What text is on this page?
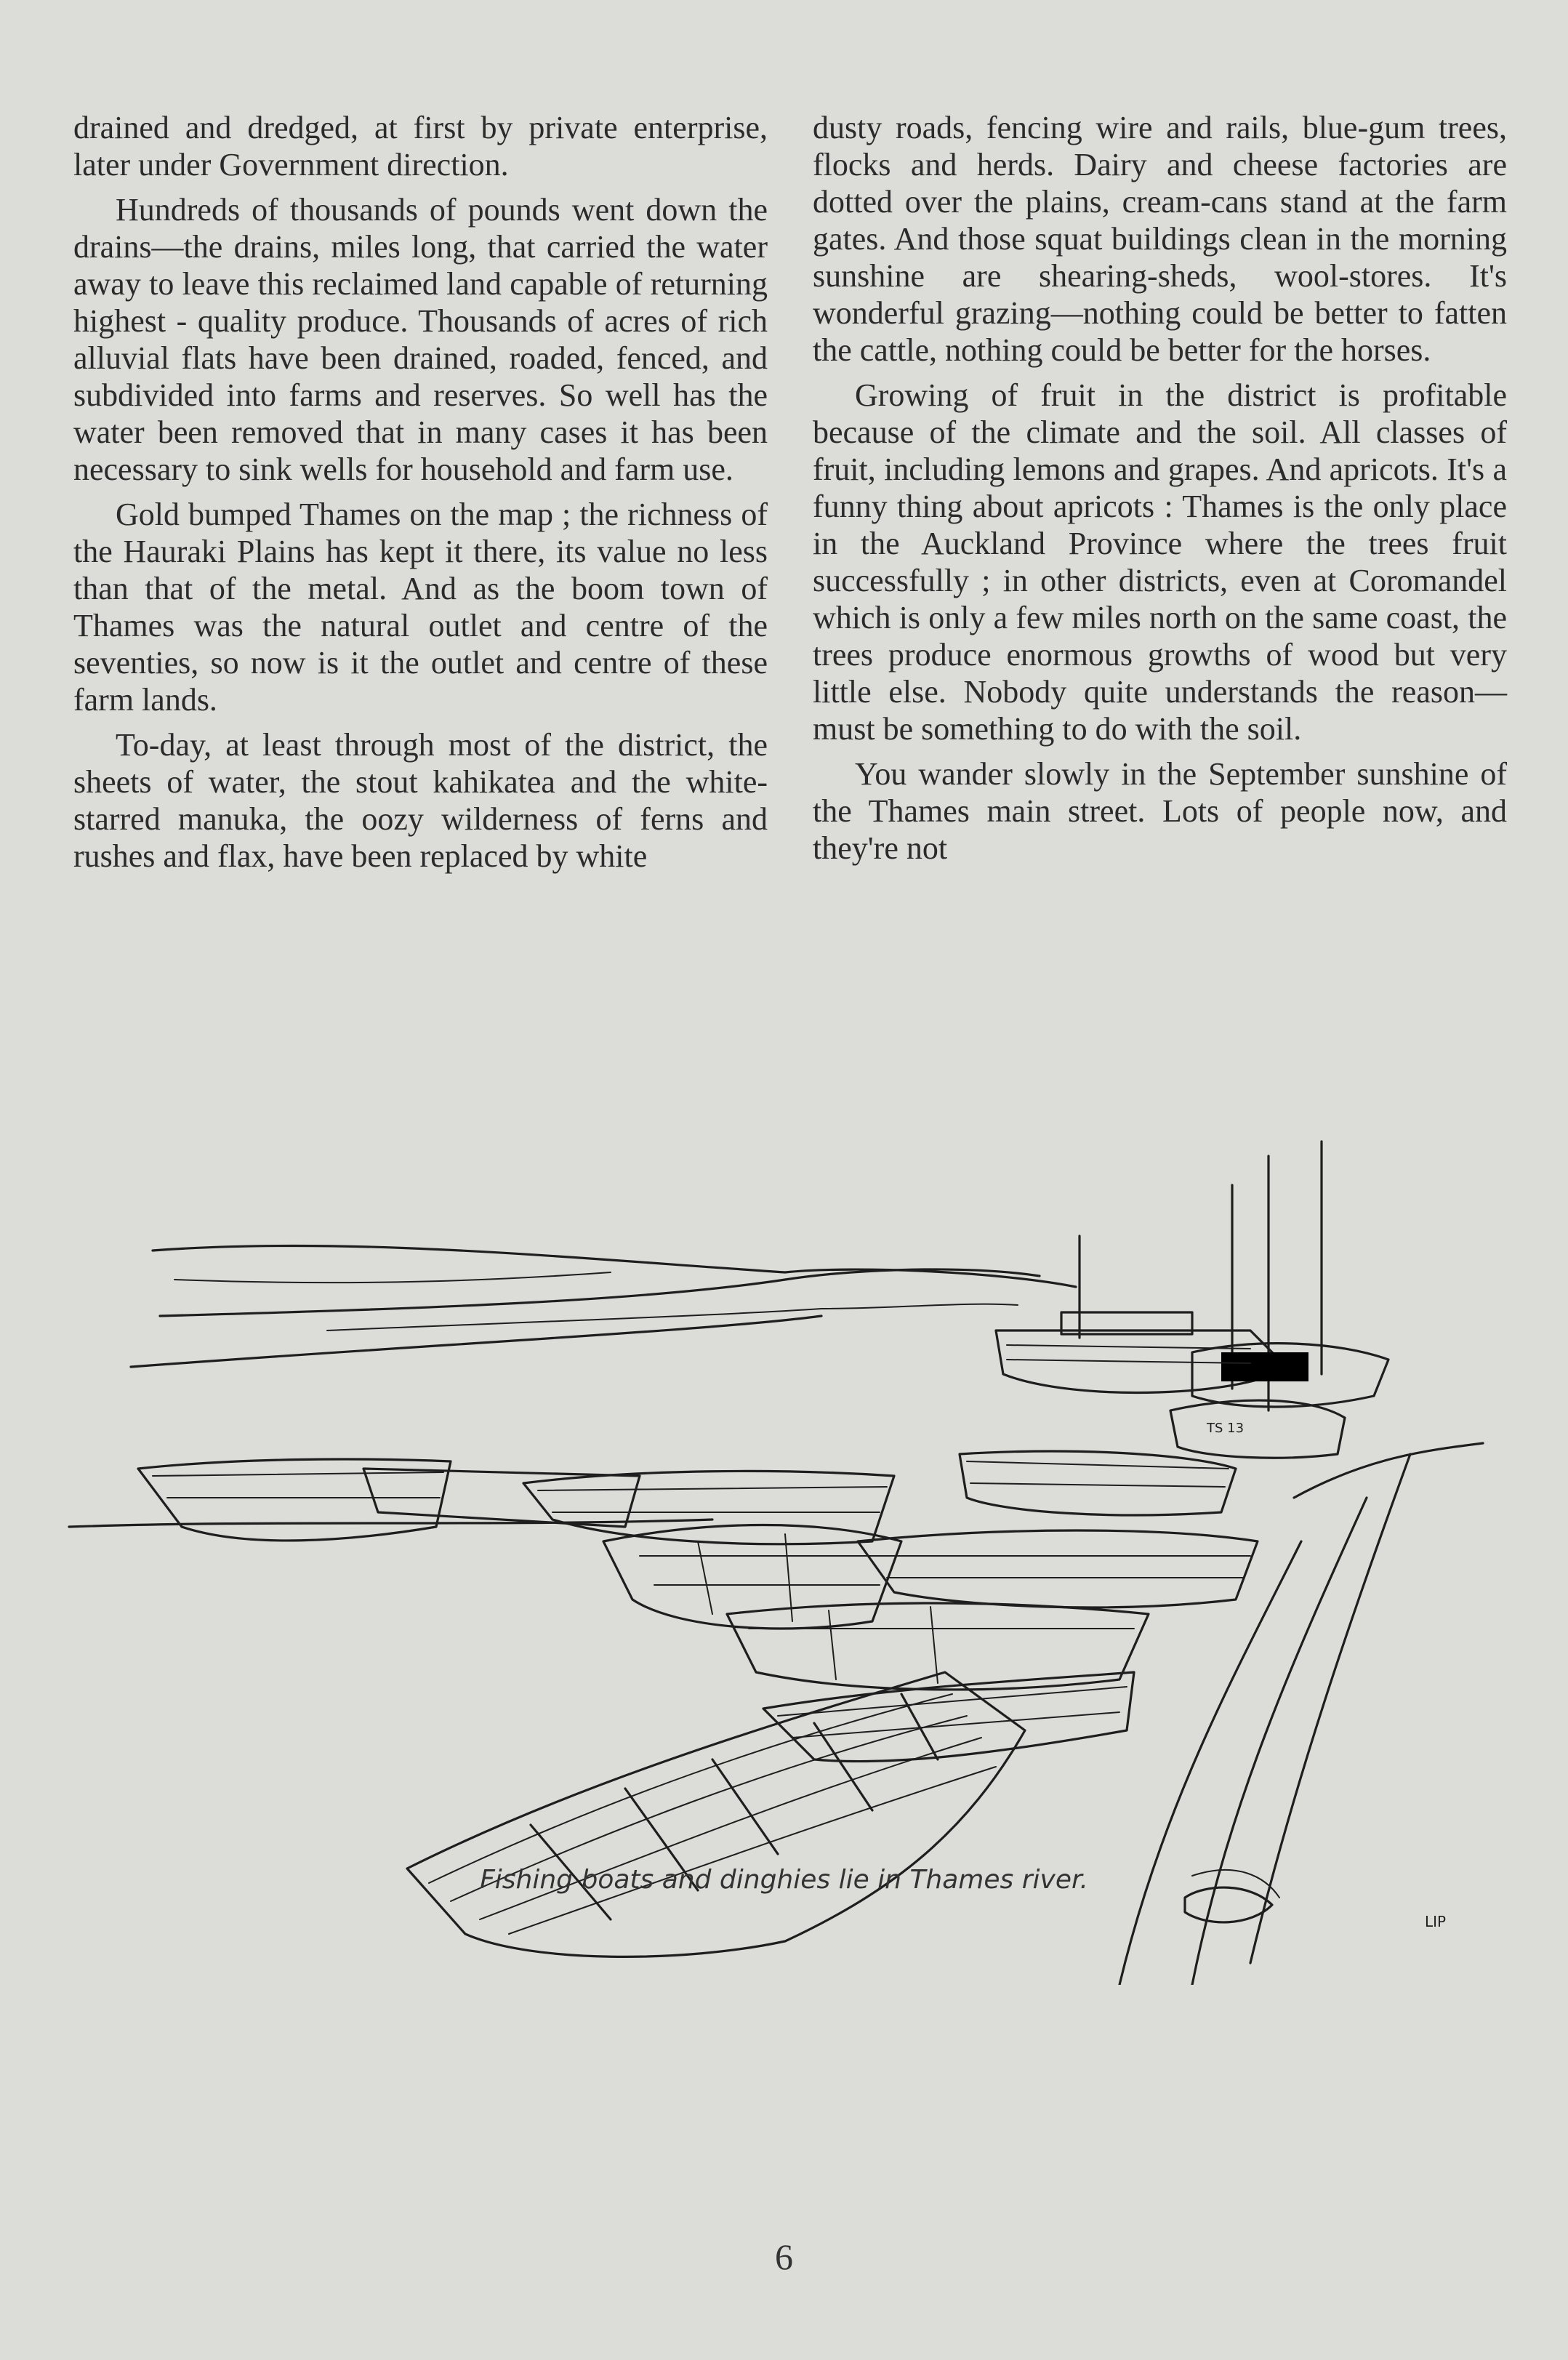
drained and dredged, at first by private enterprise, later under Government direction.

Hundreds of thousands of pounds went down the drains—the drains, miles long, that carried the water away to leave this reclaimed land capable of returning highest - quality produce. Thousands of acres of rich alluvial flats have been drained, roaded, fenced, and subdivided into farms and reserves. So well has the water been removed that in many cases it has been necessary to sink wells for household and farm use.

Gold bumped Thames on the map ; the richness of the Hauraki Plains has kept it there, its value no less than that of the metal. And as the boom town of Thames was the natural outlet and centre of the seventies, so now is it the outlet and centre of these farm lands.

To-day, at least through most of the district, the sheets of water, the stout kahikatea and the white-starred manuka, the oozy wilderness of ferns and rushes and flax, have been replaced by white

dusty roads, fencing wire and rails, blue-gum trees, flocks and herds. Dairy and cheese factories are dotted over the plains, cream-cans stand at the farm gates. And those squat buildings clean in the morning sunshine are shearing-sheds, wool-stores. It's wonderful grazing—nothing could be better to fatten the cattle, nothing could be better for the horses.

Growing of fruit in the district is profitable because of the climate and the soil. All classes of fruit, including lemons and grapes. And apricots. It's a funny thing about apricots : Thames is the only place in the Auckland Province where the trees fruit successfully ; in other districts, even at Coromandel which is only a few miles north on the same coast, the trees produce enormous growths of wood but very little else. Nobody quite understands the reason—must be something to do with the soil.

You wander slowly in the September sunshine of the Thames main street. Lots of people now, and they're not

TS 13
LIP
Fishing boats and dinghies lie in Thames river.
6
